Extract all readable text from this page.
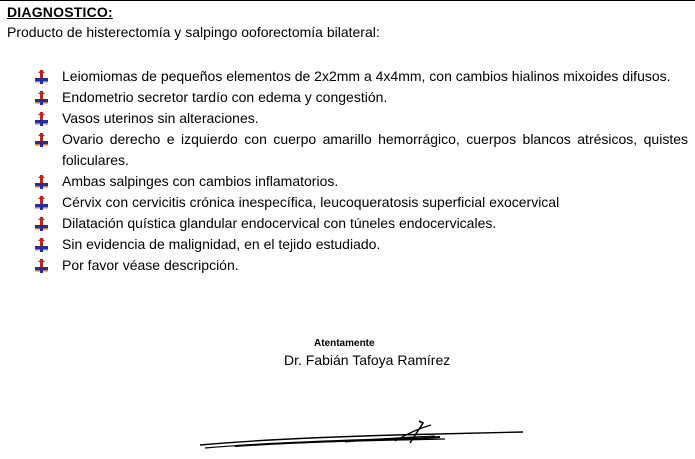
DIAGNOSTICO:
Producto de histerectomía y salpingo ooforectomía bilateral:
Leiomiomas de pequeños elementos de 2x2mm a 4x4mm, con cambios hialinos mixoides difusos.
Endometrio secretor tardío con edema y congestión.
Vasos uterinos sin alteraciones.
Ovario derecho e izquierdo con cuerpo amarillo hemorrágico, cuerpos blancos atrésicos, quistes foliculares.
Ambas salpinges con cambios inflamatorios.
Cérvix con cervicitis crónica inespecífica, leucoqueratosis superficial exocervical
Dilatación quística glandular endocervical con túneles endocervicales.
Sin evidencia de malignidad, en el tejido estudiado.
Por favor véase descripción.
Atentamente
Dr. Fabián Tafoya Ramírez
